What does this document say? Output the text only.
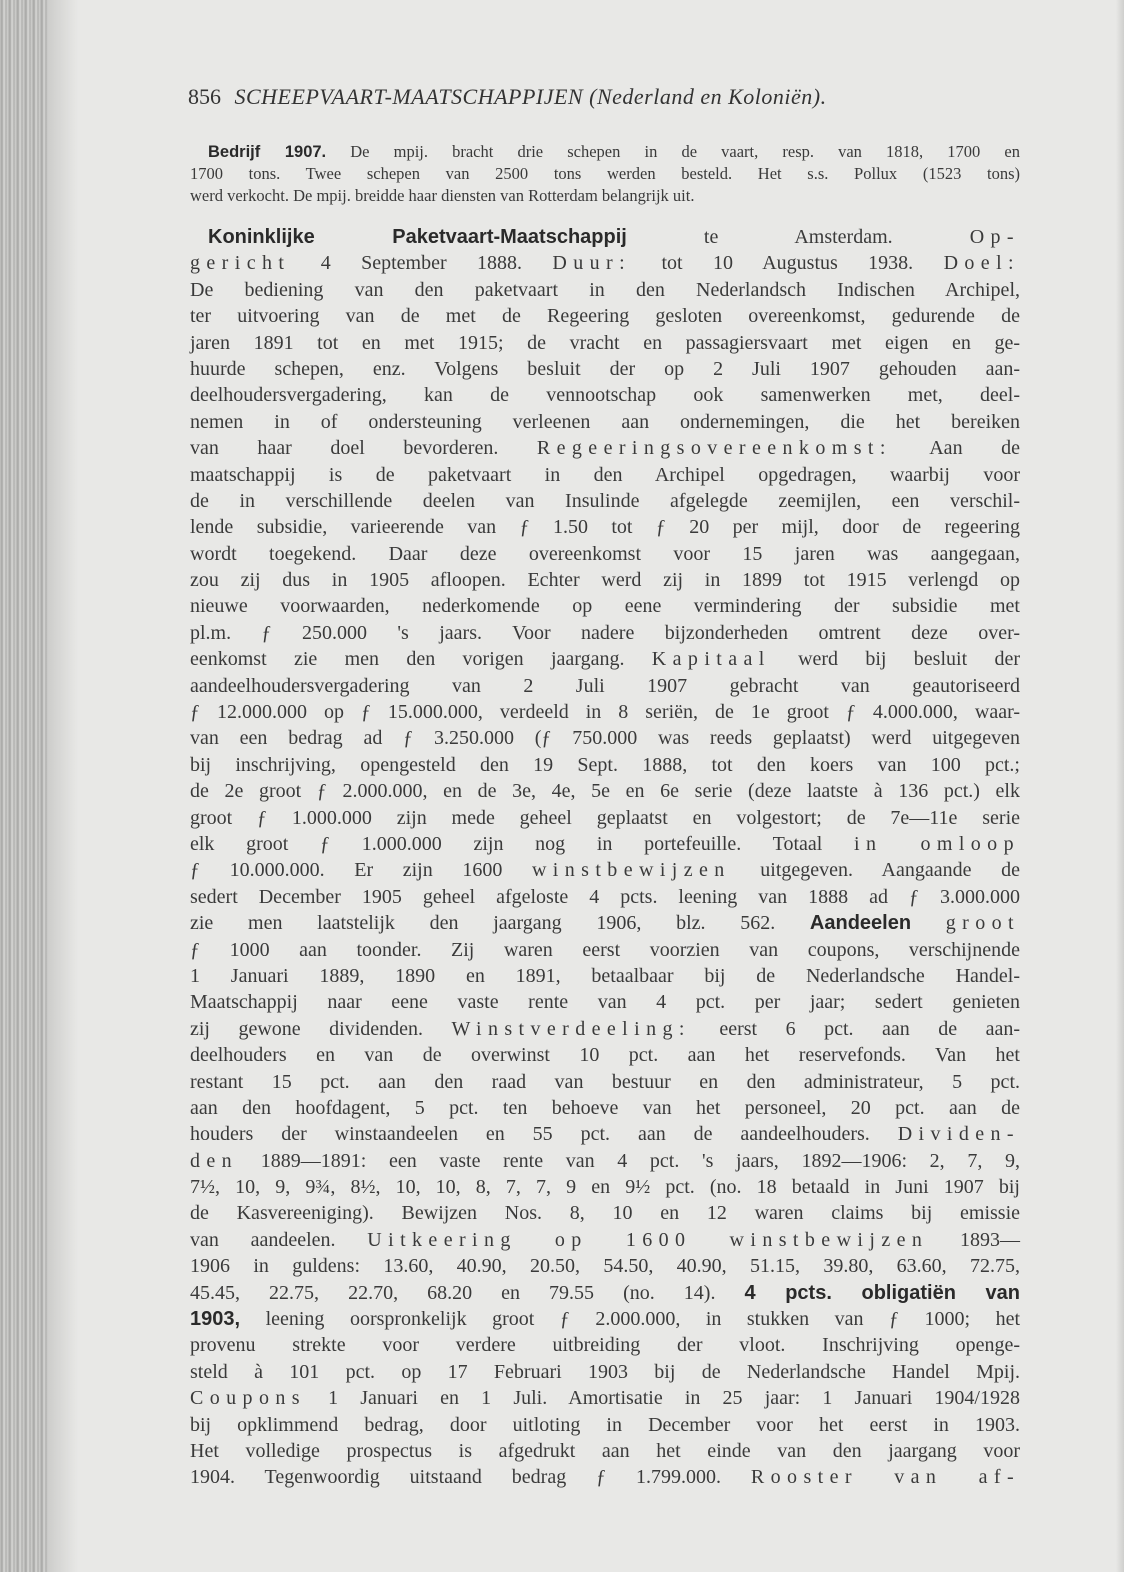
856 SCHEEPVAART-MAATSCHAPPIJEN (Nederland en Koloniën).
Bedrijf 1907. De mpij. bracht drie schepen in de vaart, resp. van 1818, 1700 en
1700 tons. Twee schepen van 2500 tons werden besteld. Het s.s. Pollux (1523 tons)
werd verkocht. De mpij. breidde haar diensten van Rotterdam belangrijk uit.
Koninklijke Paketvaart-Maatschappij te Amsterdam. Op-
gericht 4 September 1888. Duur: tot 10 Augustus 1938. Doel:
De bediening van den paketvaart in den Nederlandsch Indischen Archipel,
ter uitvoering van de met de Regeering gesloten overeenkomst, gedurende de
jaren 1891 tot en met 1915; de vracht en passagiersvaart met eigen en ge-
huurde schepen, enz. Volgens besluit der op 2 Juli 1907 gehouden aan-
deelhoudersvergadering, kan de vennootschap ook samenwerken met, deel-
nemen in of ondersteuning verleenen aan ondernemingen, die het bereiken
van haar doel bevorderen. Regeeringsovereenkomst: Aan de
maatschappij is de paketvaart in den Archipel opgedragen, waarbij voor
de in verschillende deelen van Insulinde afgelegde zeemijlen, een verschil-
lende subsidie, varieerende van ƒ 1.50 tot ƒ 20 per mijl, door de regeering
wordt toegekend. Daar deze overeenkomst voor 15 jaren was aangegaan,
zou zij dus in 1905 afloopen. Echter werd zij in 1899 tot 1915 verlengd op
nieuwe voorwaarden, nederkomende op eene vermindering der subsidie met
pl.m. ƒ 250.000 's jaars. Voor nadere bijzonderheden omtrent deze over-
eenkomst zie men den vorigen jaargang. Kapitaal werd bij besluit der
aandeelhoudersvergadering van 2 Juli 1907 gebracht van geautoriseerd
ƒ 12.000.000 op ƒ 15.000.000, verdeeld in 8 seriën, de 1e groot ƒ 4.000.000, waar-
van een bedrag ad ƒ 3.250.000 (ƒ 750.000 was reeds geplaatst) werd uitgegeven
bij inschrijving, opengesteld den 19 Sept. 1888, tot den koers van 100 pct.;
de 2e groot ƒ 2.000.000, en de 3e, 4e, 5e en 6e serie (deze laatste à 136 pct.) elk
groot ƒ 1.000.000 zijn mede geheel geplaatst en volgestort; de 7e—11e serie
elk groot ƒ 1.000.000 zijn nog in portefeuille. Totaal in omloop
ƒ 10.000.000. Er zijn 1600 winstbewijzen uitgegeven. Aangaande de
sedert December 1905 geheel afgeloste 4 pcts. leening van 1888 ad ƒ 3.000.000
zie men laatstelijk den jaargang 1906, blz. 562. Aandeelen groot
ƒ 1000 aan toonder. Zij waren eerst voorzien van coupons, verschijnende
1 Januari 1889, 1890 en 1891, betaalbaar bij de Nederlandsche Handel-
Maatschappij naar eene vaste rente van 4 pct. per jaar; sedert genieten
zij gewone dividenden. Winstverdeeling: eerst 6 pct. aan de aan-
deelhouders en van de overwinst 10 pct. aan het reservefonds. Van het
restant 15 pct. aan den raad van bestuur en den administrateur, 5 pct.
aan den hoofdagent, 5 pct. ten behoeve van het personeel, 20 pct. aan de
houders der winstaandeelen en 55 pct. aan de aandeelhouders. Dividen-
den 1889—1891: een vaste rente van 4 pct. 's jaars, 1892—1906: 2, 7, 9,
7½, 10, 9, 9¾, 8½, 10, 10, 8, 7, 7, 9 en 9½ pct. (no. 18 betaald in Juni 1907 bij
de Kasvereeniging). Bewijzen Nos. 8, 10 en 12 waren claims bij emissie
van aandeelen. Uitkeering op 1600 winstbewijzen 1893—
1906 in guldens: 13.60, 40.90, 20.50, 54.50, 40.90, 51.15, 39.80, 63.60, 72.75,
45.45, 22.75, 22.70, 68.20 en 79.55 (no. 14). 4 pcts. obligatiën van
1903, leening oorspronkelijk groot ƒ 2.000.000, in stukken van ƒ 1000; het
provenu strekte voor verdere uitbreiding der vloot. Inschrijving openge-
steld à 101 pct. op 17 Februari 1903 bij de Nederlandsche Handel Mpij.
Coupons 1 Januari en 1 Juli. Amortisatie in 25 jaar: 1 Januari 1904/1928
bij opklimmend bedrag, door uitloting in December voor het eerst in 1903.
Het volledige prospectus is afgedrukt aan het einde van den jaargang voor
1904. Tegenwoordig uitstaand bedrag ƒ 1.799.000. Rooster van af-
